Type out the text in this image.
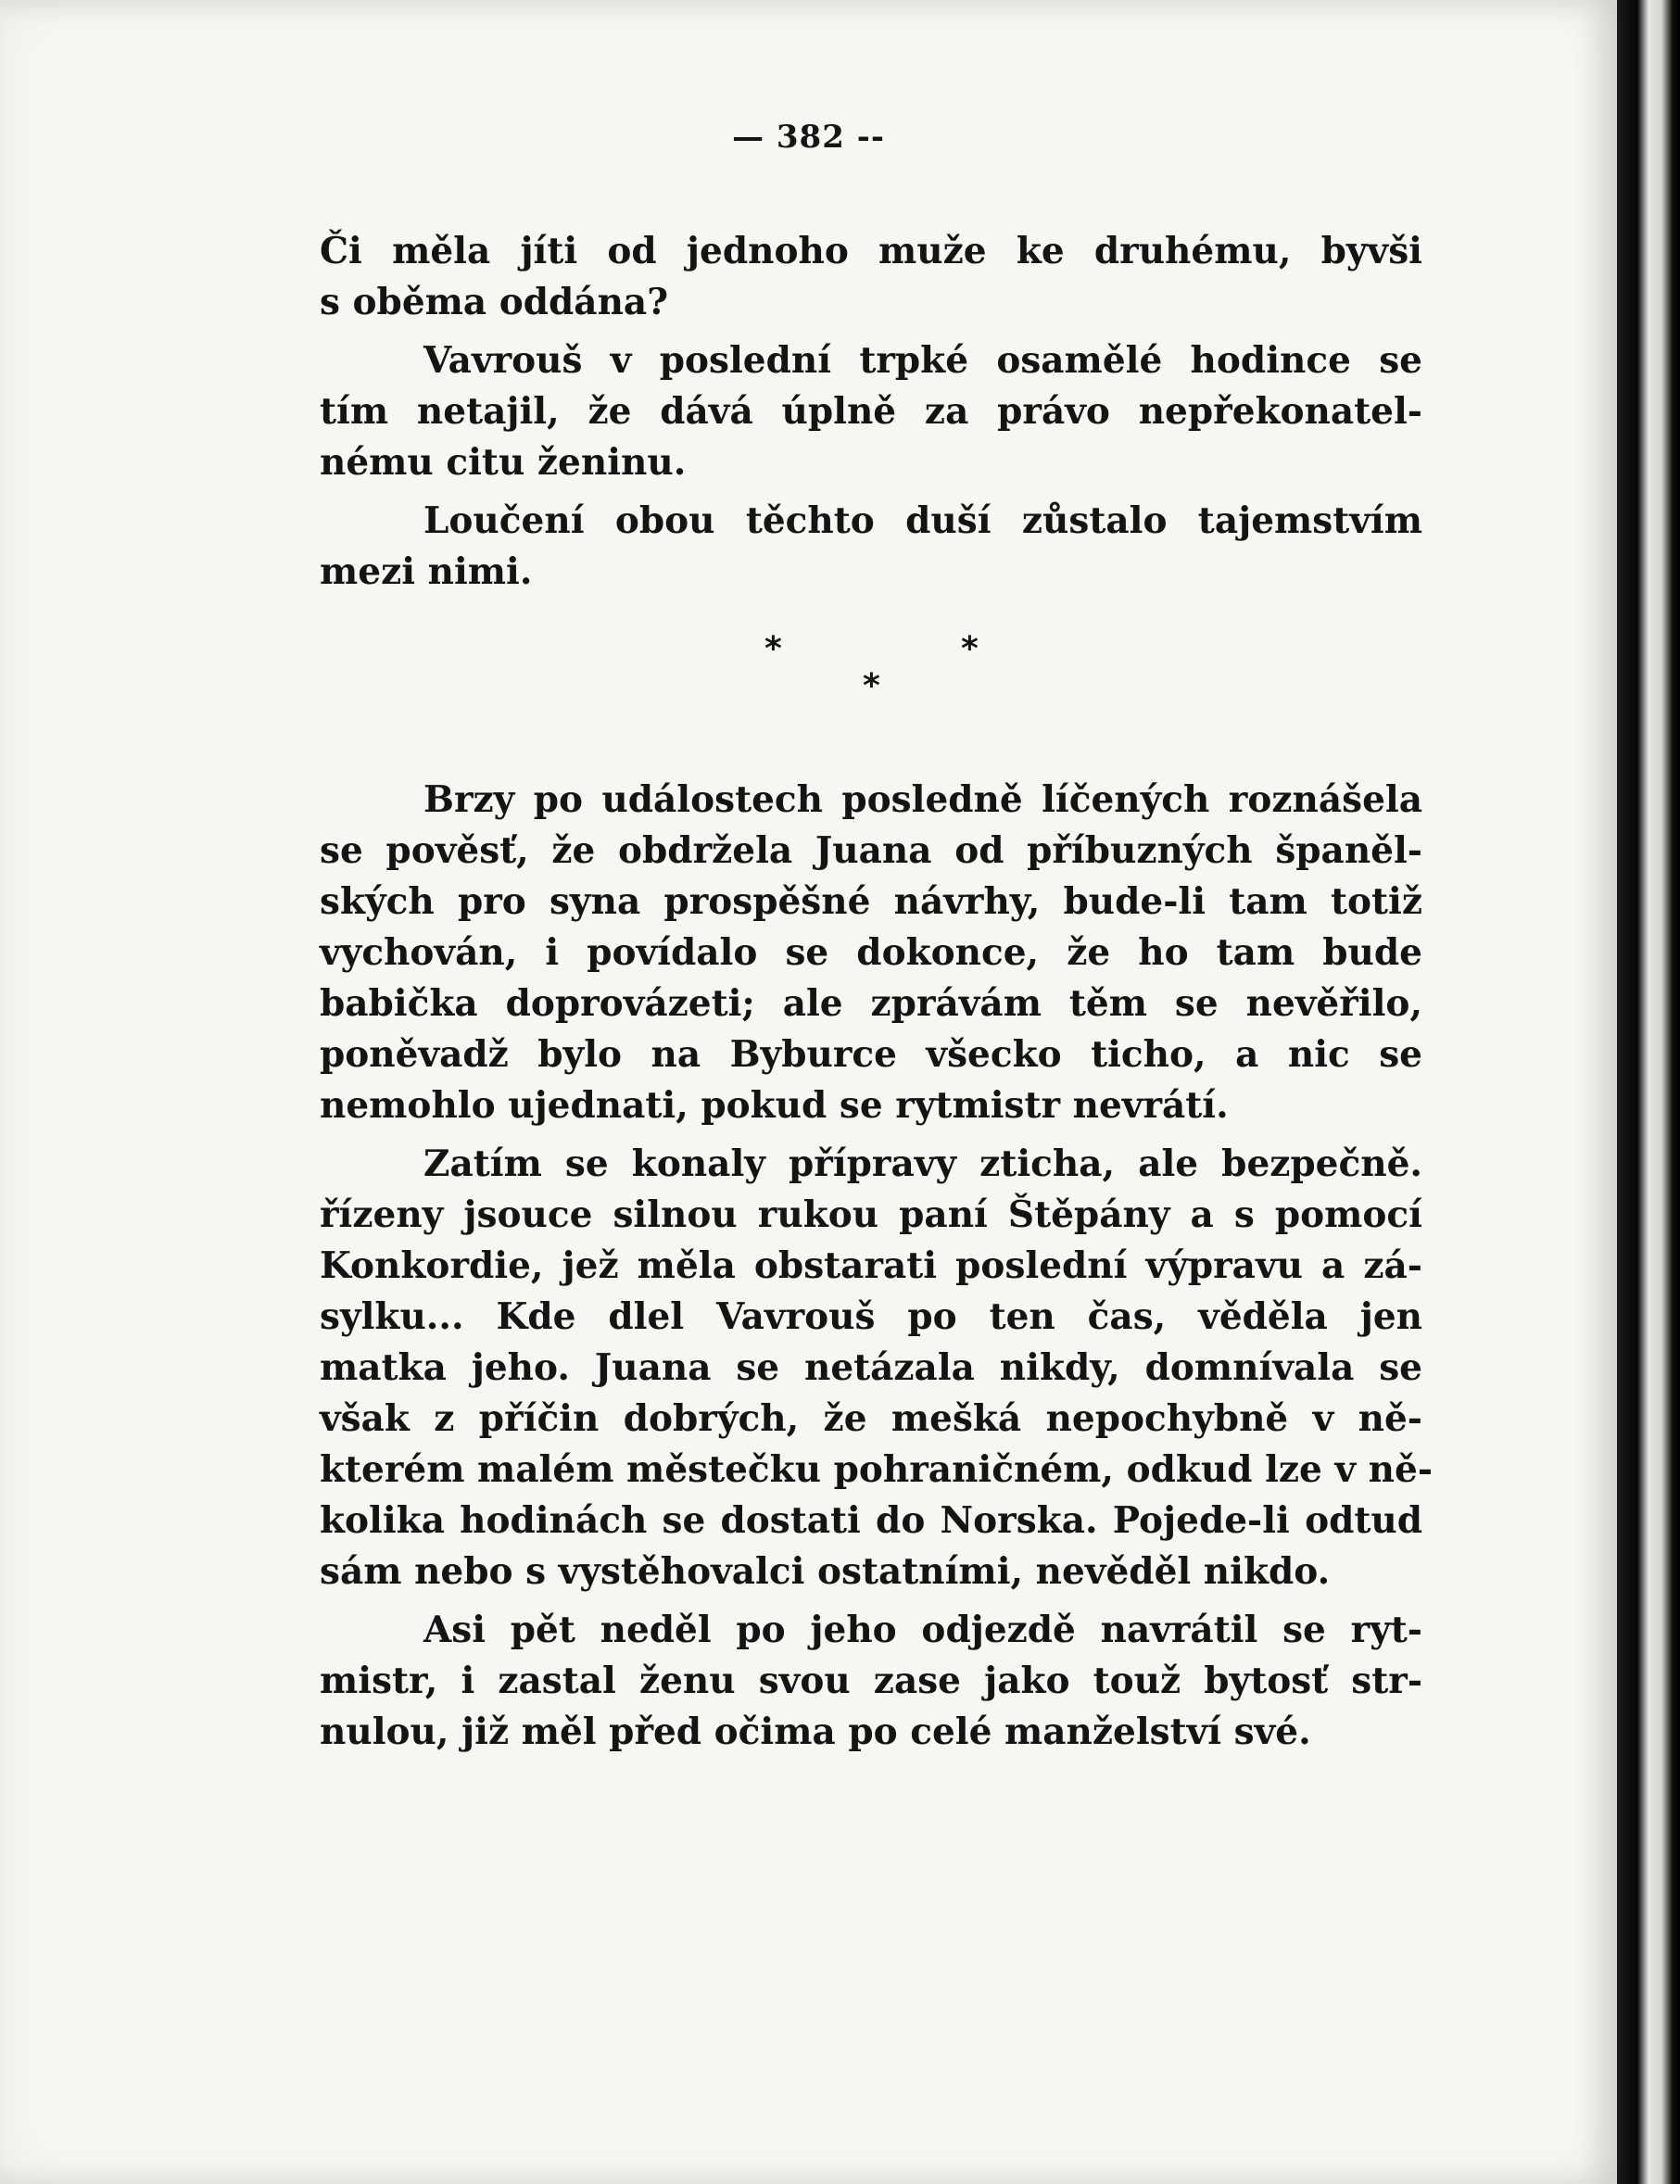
— 382 --
Či měla jíti od jednoho muže ke druhému, byvši
s oběma oddána?
Vavrouš v poslední trpké osamělé hodince se
tím netajil, že dává úplně za právo nepřekonatel-
nému citu ženinu.
Loučení obou těchto duší zůstalo tajemstvím
mezi nimi.
*	*
*
Brzy po událostech posledně líčených roznášela
se pověsť, že obdržela Juana od příbuzných španěl-
ských pro syna prospěšné návrhy, bude-li tam totiž
vychován, i povídalo se dokonce, že ho tam bude
babička doprovázeti; ale zprávám těm se nevěřilo,
poněvadž bylo na Byburce všecko ticho, a nic se
nemohlo ujednati, pokud se rytmistr nevrátí.
Zatím se konaly přípravy zticha, ale bezpečně.
řízeny jsouce silnou rukou paní Štěpány a s pomocí
Konkordie, jež měla obstarati poslední výpravu a zá-
sylku... Kde dlel Vavrouš po ten čas, věděla jen
matka jeho. Juana se netázala nikdy, domnívala se
však z příčin dobrých, že mešká nepochybně v ně-
kterém malém městečku pohraničném, odkud lze v ně-
kolika hodinách se dostati do Norska. Pojede-li odtud
sám nebo s vystěhovalci ostatními, nevěděl nikdo.
Asi pět neděl po jeho odjezdě navrátil se ryt-
mistr, i zastal ženu svou zase jako touž bytosť str-
nulou, již měl před očima po celé manželství své.
